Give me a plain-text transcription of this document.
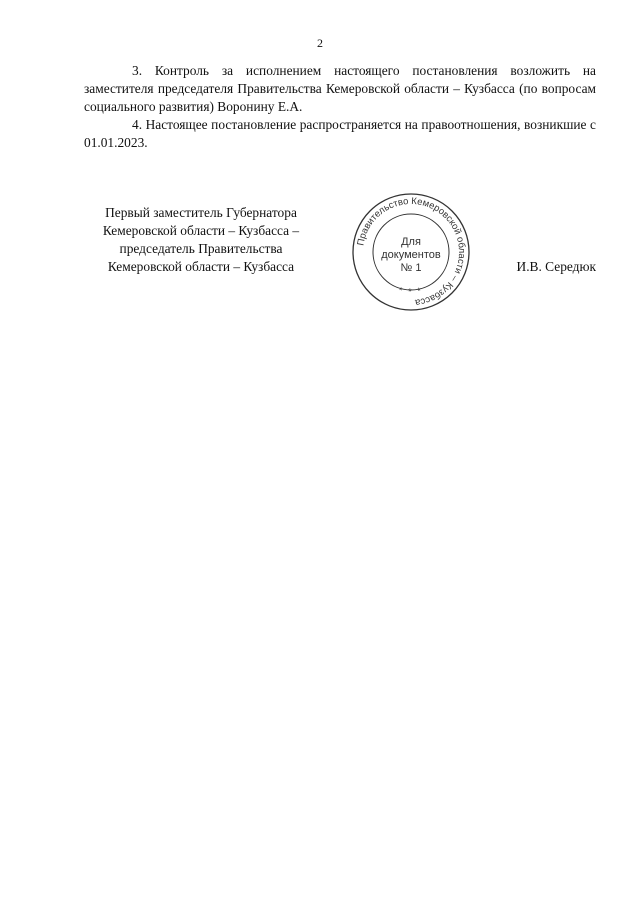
2

3. Контроль за исполнением настоящего постановления возложить на заместителя председателя Правительства Кемеровской области – Кузбасса (по вопросам социального развития) Воронину Е.А.

4. Настоящее постановление распространяется на правоотношения, возникшие с 01.01.2023.

Первый заместитель Губернатора
Кемеровской области – Кузбасса –
председатель Правительства
Кемеровской области – Кузбасса
Правительство Кемеровской области – Кузбасса
* * *
Для
документов
№ 1	И.В. Середюк
